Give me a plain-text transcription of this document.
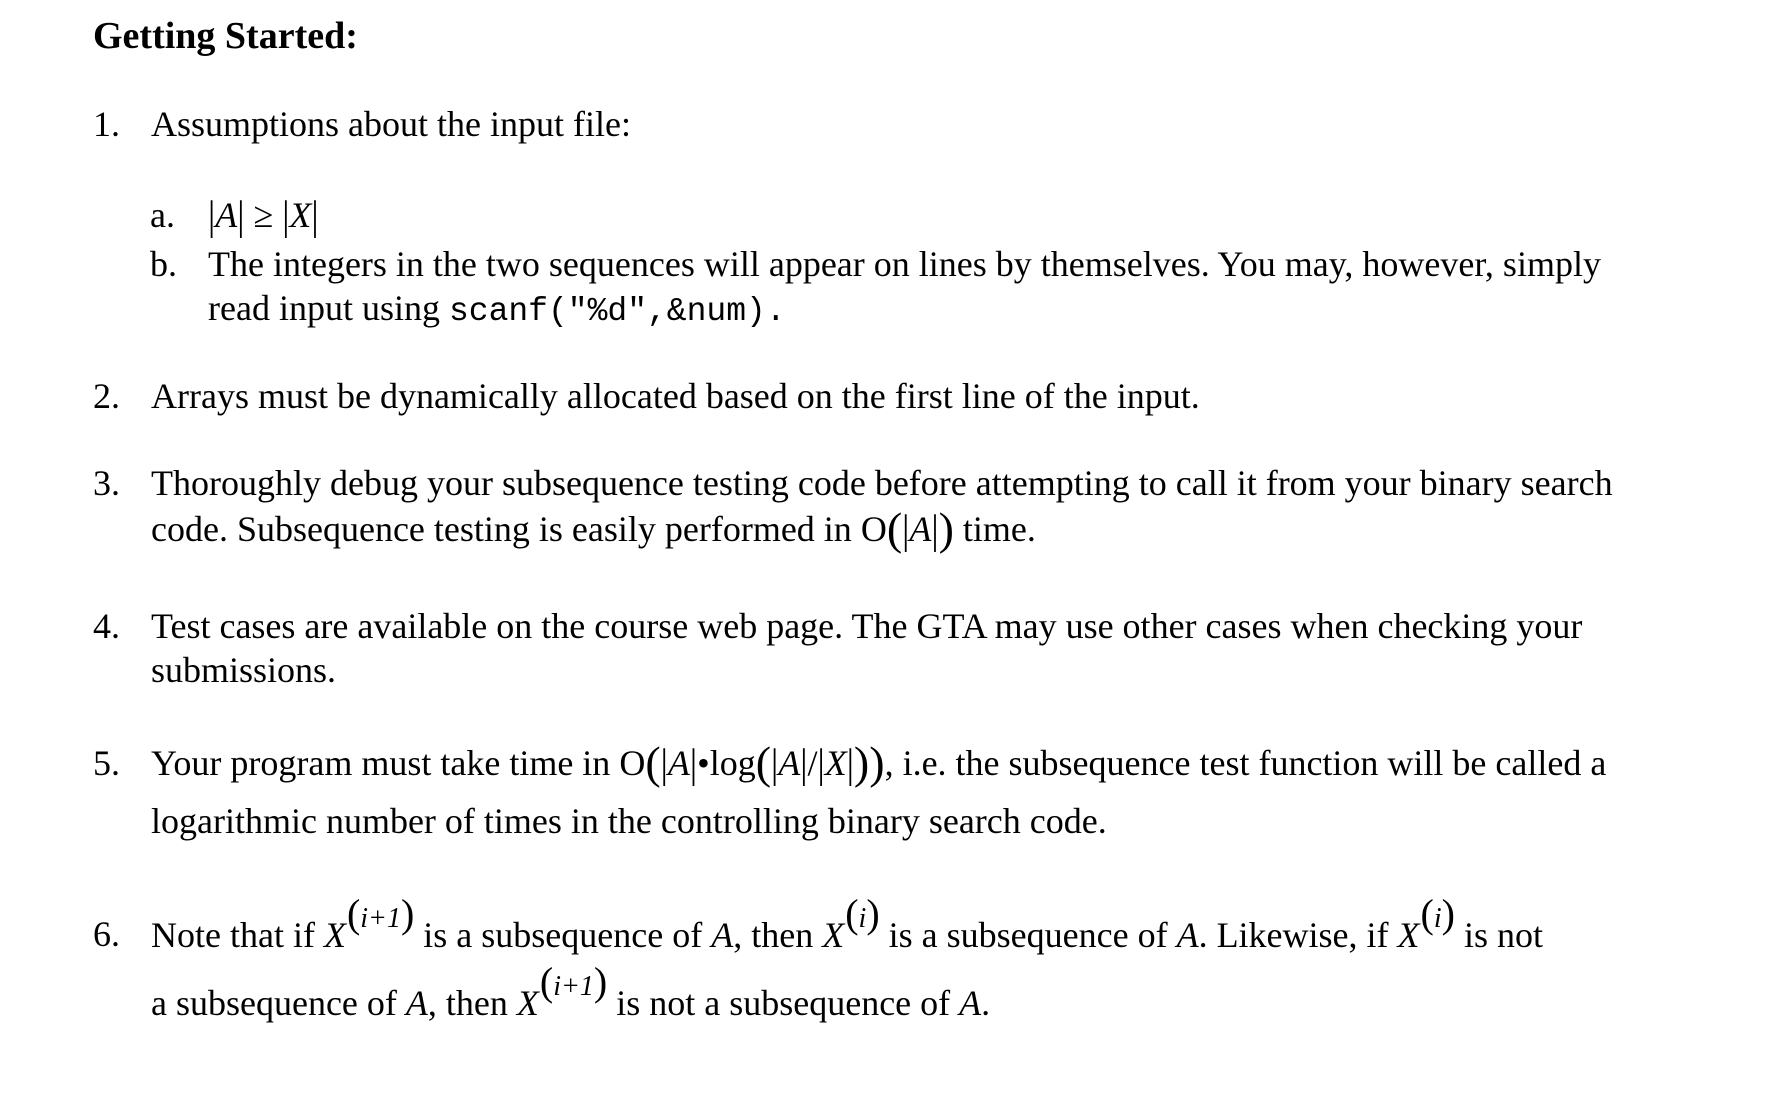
Getting Started:
1. Assumptions about the input file:
a. |A| ≥ |X|
b. The integers in the two sequences will appear on lines by themselves. You may, however, simply
read input using scanf("%d",&num).
2. Arrays must be dynamically allocated based on the first line of the input.
3. Thoroughly debug your subsequence testing code before attempting to call it from your binary search
code. Subsequence testing is easily performed in O(|A|) time.
4. Test cases are available on the course web page. The GTA may use other cases when checking your
submissions.
5. Your program must take time in O(|A|•log(|A|/|X|)), i.e. the subsequence test function will be called a
logarithmic number of times in the controlling binary search code.
6. Note that if $X^{(i+1)}$ is a subsequence of A, then $X^{(i)}$ is a subsequence of A. Likewise, if $X^{(i)}$ is not
a subsequence of A, then $X^{(i+1)}$ is not a subsequence of A.
